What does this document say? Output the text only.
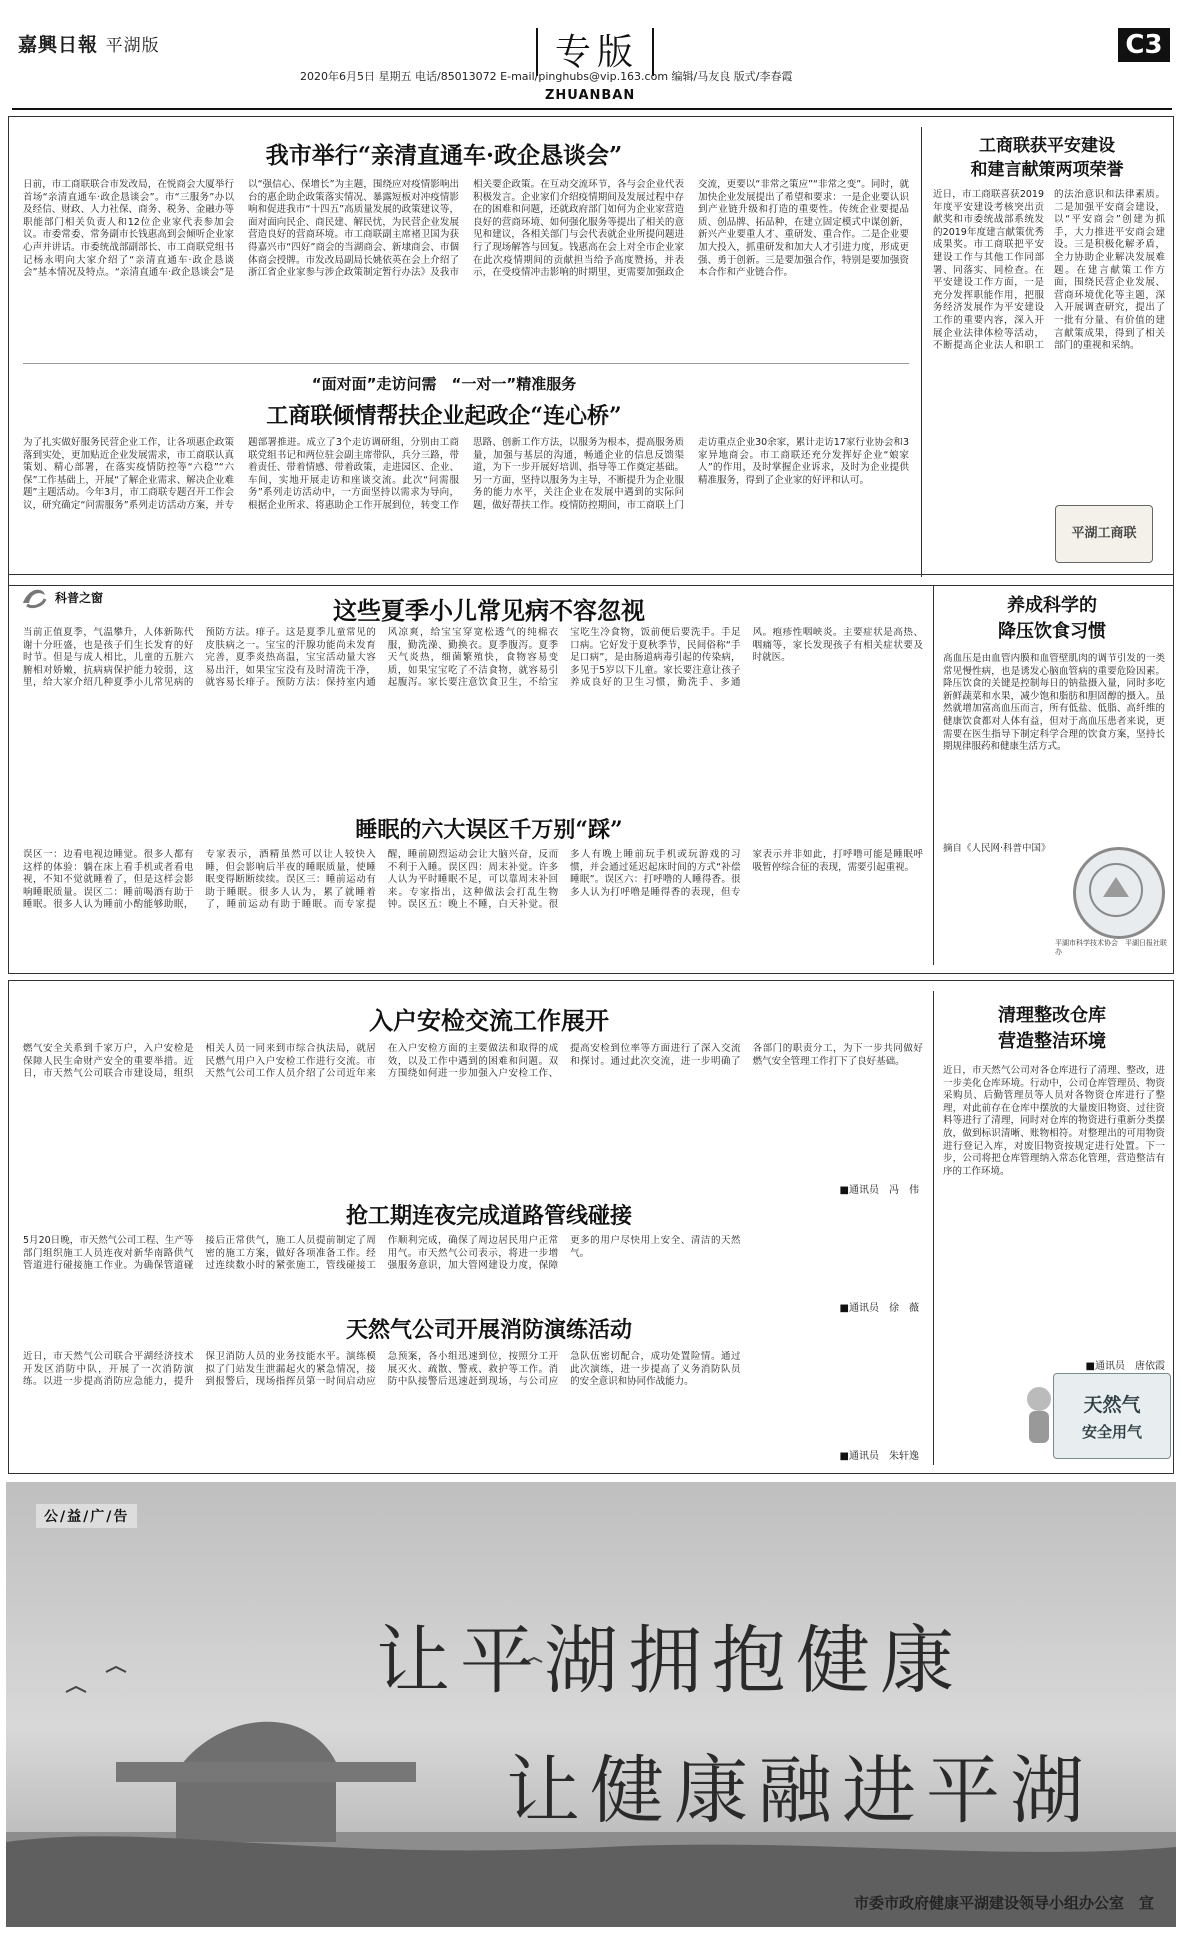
嘉興日報 平湖版	专版	C3
2020年6月5日 星期五 电话/85013072 E-mail/pinghubs@vip.163.com 编辑/马友良 版式/李春霞
ZHUANBAN
我市举行“亲清直通车·政企恳谈会”
日前，市工商联联合市发改局，在悦商会大厦举行首场“亲清直通车·政企恳谈会”。市“三服务”办以及经信、财政、人力社保、商务、税务、金融办等职能部门相关负责人和12位企业家代表参加会议。市委常委、常务副市长钱惠高到会倾听企业家心声并讲话。市委统战部副部长、市工商联党组书记杨永明向大家介绍了“亲清直通车·政企恳谈会”基本情况及特点。“亲清直通车·政企恳谈会”是以“强信心、保增长”为主题，围绕应对疫情影响出台的惠企助企政策落实情况、暴露短板对冲疫情影响和促进我市“十四五”高质量发展的政策建议等，面对面向民企、商民建、解民忧，为民营企业发展营造良好的营商环境。市工商联副主席褚卫国为获得嘉兴市“四好”商会的当湖商会、新埭商会、市個体商会授牌。市发改局副局长姚依英在会上介绍了浙江省企业家参与涉企政策制定暂行办法》及我市相关要企政策。在互动交流环节，各与会企业代表积极发言。企业家们介绍疫情期间及发展过程中存在的困难和问题，还就政府部门如何为企业家营造良好的营商环境、如何强化服务等提出了相关的意见和建议，各相关部门与会代表就企业所提问题进行了现场解答与回复。钱惠高在会上对全市企业家在此次疫情期间的贡献担当给予高度赞扬，并表示，在受疫情冲击影响的时期里，更需要加强政企交流，更要以“非常之策应”“非常之变”。同时，就加快企业发展提出了希望和要求：一是企业要认识到产业链升级和打造的重要性。传统企业要提品质、创品牌、拓品种，在建立固定模式中谋创新，新兴产业要重人才、重研发、重合作。二是企业要加大投入，抓重研发和加大人才引进力度，形成更强、勇于创新。三是要加强合作，特别是要加强资本合作和产业链合作。
“面对面”走访问需　“一对一”精准服务
工商联倾情帮扶企业起政企“连心桥”
为了扎实做好服务民营企业工作，让各项惠企政策落到实处，更加贴近企业发展需求，市工商联认真策划、精心部署，在落实疫情防控等“六稳”“六保”工作基础上，开展“了解企业需求、解决企业难题”主题活动。今年3月，市工商联专题召开工作会议，研究确定“问需服务”系列走访活动方案，并专题部署推进。成立了3个走访调研组，分别由工商联党组书记和两位驻会副主席带队，兵分三路，带着责任、带着情感、带着政策，走进园区、企业、车间，实地开展走访和座谈交流。此次“问需服务”系列走访活动中，一方面坚持以需求为导向，根据企业所求、将惠助企工作开展到位，转变工作思路、创新工作方法，以服务为根本，提高服务质量，加强与基层的沟通，畅通企业的信息反馈渠道，为下一步开展好培训、指导等工作奠定基础。另一方面，坚持以服务为主导，不断提升为企业服务的能力水平，关注企业在发展中遇到的实际问题，做好帮扶工作。疫情防控期间，市工商联上门走访重点企业30余家，累计走访17家行业协会和3家异地商会。市工商联还充分发挥好企业“娘家人”的作用，及时掌握企业诉求，及时为企业提供精准服务，得到了企业家的好评和认可。
工商联获平安建设
和建言献策两项荣誉
近日，市工商联喜获2019年度平安建设考核突出贡献奖和市委统战部系统发的2019年度建言献策优秀成果奖。市工商联把平安建设工作与其他工作同部署、同落实、同检查。在平安建设工作方面，一是充分发挥职能作用，把服务经济发展作为平安建设工作的重要内容，深入开展企业法律体检等活动，不断提高企业法人和职工的法治意识和法律素质。二是加强平安商会建设，以“平安商会”创建为抓手，大力推进平安商会建设。三是积极化解矛盾，全力协助企业解决发展难题。在建言献策工作方面，围绕民营企业发展、营商环境优化等主题，深入开展调查研究，提出了一批有分量、有价值的建言献策成果，得到了相关部门的重视和采纳。
平湖工商联
科普之窗	这些夏季小儿常见病不容忽视
当前正值夏季，气温攀升，人体新陈代谢十分旺盛，也是孩子们生长发育的好时节。但是与成人相比，儿童的五脏六腑相对娇嫩，抗病病保护能力较弱，这里，给大家介绍几种夏季小儿常见病的预防方法。痱子。这是夏季儿童常见的皮肤病之一。宝宝的汗腺功能尚未发育完善，夏季炎热高温，宝宝活动量大容易出汗，如果宝宝没有及时清洗干净，就容易长痱子。预防方法：保持室内通风凉爽，给宝宝穿宽松透气的纯棉衣服，勤洗澡、勤换衣。夏季腹泻。夏季天气炎热，细菌繁殖快，食物容易变质，如果宝宝吃了不洁食物，就容易引起腹泻。家长要注意饮食卫生，不给宝宝吃生冷食物，饭前便后要洗手。手足口病。它好发于夏秋季节，民间俗称“手足口病”，是由肠道病毒引起的传染病，多见于5岁以下儿童。家长要注意让孩子养成良好的卫生习惯，勤洗手、多通风。疱疹性咽峡炎。主要症状是高热、咽痛等，家长发现孩子有相关症状要及时就医。
睡眠的六大误区千万别“踩”
误区一：边看电视边睡觉。很多人都有这样的体验：躺在床上看手机或者看电视，不知不觉就睡着了，但是这样会影响睡眠质量。误区二：睡前喝酒有助于睡眠。很多人认为睡前小酌能够助眠，专家表示，酒精虽然可以让人较快入睡，但会影响后半夜的睡眠质量，使睡眠变得断断续续。误区三：睡前运动有助于睡眠。很多人认为，累了就睡着了，睡前运动有助于睡眠。而专家提醒，睡前剧烈运动会让大脑兴奋，反而不利于入睡。误区四：周末补觉。许多人认为平时睡眠不足，可以靠周末补回来。专家指出，这种做法会打乱生物钟。误区五：晚上不睡，白天补觉。很多人有晚上睡前玩手机或玩游戏的习惯，并会通过延迟起床时间的方式“补偿睡眠”。误区六：打呼噜的人睡得香。很多人认为打呼噜是睡得香的表现，但专家表示并非如此，打呼噜可能是睡眠呼吸暂停综合征的表现，需要引起重视。
养成科学的
降压饮食习惯
高血压是由血管内膜和血管壁肌肉的调节引发的一类常见慢性病，也是诱发心脑血管病的重要危险因素。降压饮食的关键是控制每日的钠盐摄入量，同时多吃新鲜蔬菜和水果，减少饱和脂肪和胆固醇的摄入。虽然就增加富高血压而言，所有低盐、低脂、高纤维的健康饮食都对人体有益，但对于高血压患者来说，更需要在医生指导下制定科学合理的饮食方案，坚持长期规律服药和健康生活方式。
摘自《人民网·科普中国》
平湖市科学技术协会　平湖日报社联办
入户安检交流工作展开
燃气安全关系到千家万户，入户安检是保障人民生命财产安全的重要举措。近日，市天然气公司联合市建设局，组织相关人员一同来到市综合执法局，就居民燃气用户入户安检工作进行交流。市天然气公司工作人员介绍了公司近年来在入户安检方面的主要做法和取得的成效，以及工作中遇到的困难和问题。双方围绕如何进一步加强入户安检工作、提高安检到位率等方面进行了深入交流和探讨。通过此次交流，进一步明确了各部门的职责分工，为下一步共同做好燃气安全管理工作打下了良好基础。
■通讯员　冯　伟
抢工期连夜完成道路管线碰接
5月20日晚，市天然气公司工程、生产等部门组织施工人员连夜对新华南路供气管道进行碰接施工作业。为确保管道碰接后正常供气，施工人员提前制定了周密的施工方案，做好各项准备工作。经过连续数小时的紧张施工，管线碰接工作顺利完成，确保了周边居民用户正常用气。市天然气公司表示，将进一步增强服务意识，加大管网建设力度，保障更多的用户尽快用上安全、清洁的天然气。
■通讯员　徐　薇
天然气公司开展消防演练活动
近日，市天然气公司联合平湖经济技术开发区消防中队，开展了一次消防演练。以进一步提高消防应急能力，提升保卫消防人员的业务技能水平。演练模拟了门站发生泄漏起火的紧急情况，接到报警后，现场指挥员第一时间启动应急预案，各小组迅速到位，按照分工开展灭火、疏散、警戒、救护等工作。消防中队接警后迅速赶到现场，与公司应急队伍密切配合，成功处置险情。通过此次演练，进一步提高了义务消防队员的安全意识和协同作战能力。
■通讯员　朱轩逸
清理整改仓库
营造整洁环境
近日，市天然气公司对各仓库进行了清理、整改，进一步美化仓库环境。行动中，公司仓库管理员、物资采购员、后勤管理员等人员对各物资仓库进行了整理，对此前存在仓库中摆放的大量废旧物资、过往资料等进行了清理，同时对仓库的物资进行重新分类摆放，做到标识清晰、账物相符。对整理出的可用物资进行登记入库，对废旧物资按规定进行处置。下一步，公司将把仓库管理纳入常态化管理，营造整洁有序的工作环境。
■通讯员　唐依霞
天然气
安全用气
公/益/广/告
让平湖拥抱健康
让健康融进平湖
市委市政府健康平湖建设领导小组办公室　宣
